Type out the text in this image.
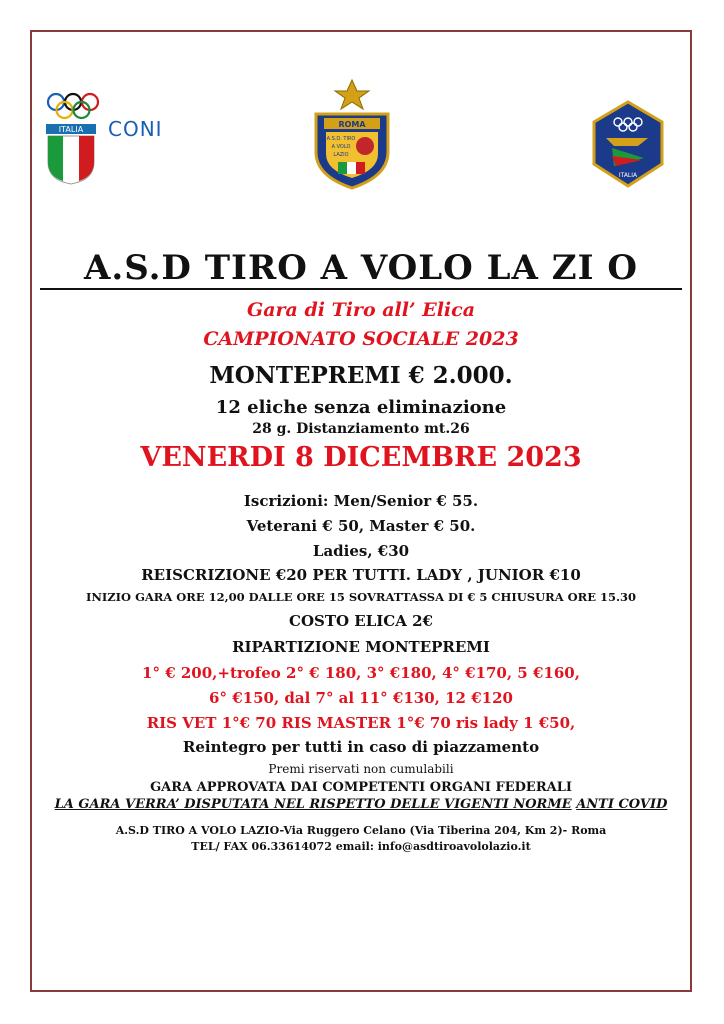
ITALIA CONI	ROMA
A.S.D. TIRO
A VOLO
LAZIO
ITALIA
A.S.D TIRO A VOLO LA ZI O
Gara di Tiro all’ Elica
CAMPIONATO SOCIALE 2023
MONTEPREMI € 2.000.
12 eliche senza eliminazione
28 g. Distanziamento mt.26
VENERDI 8 DICEMBRE 2023
Iscrizioni: Men/Senior € 55.
Veterani € 50, Master € 50.
Ladies, €30
REISCRIZIONE €20 PER TUTTI. LADY , JUNIOR €10
INIZIO GARA ORE 12,00 DALLE ORE 15 SOVRATTASSA DI € 5 CHIUSURA ORE 15.30
COSTO ELICA 2€
RIPARTIZIONE MONTEPREMI
1° € 200,+trofeo 2° € 180, 3° €180, 4° €170, 5 €160,
6° €150, dal 7° al 11° €130, 12 €120
RIS VET 1°€ 70 RIS MASTER 1°€ 70 ris lady 1 €50,
Reintegro per tutti in caso di piazzamento
Premi riservati non cumulabili
GARA APPROVATA DAI COMPETENTI ORGANI FEDERALI
LA GARA VERRA’ DISPUTATA NEL RISPETTO DELLE VIGENTI NORME ANTI COVID
A.S.D TIRO A VOLO LAZIO-Via Ruggero Celano (Via Tiberina 204, Km 2)- Roma
TEL/ FAX 06.33614072 email: info@asdtiroavololazio.it
